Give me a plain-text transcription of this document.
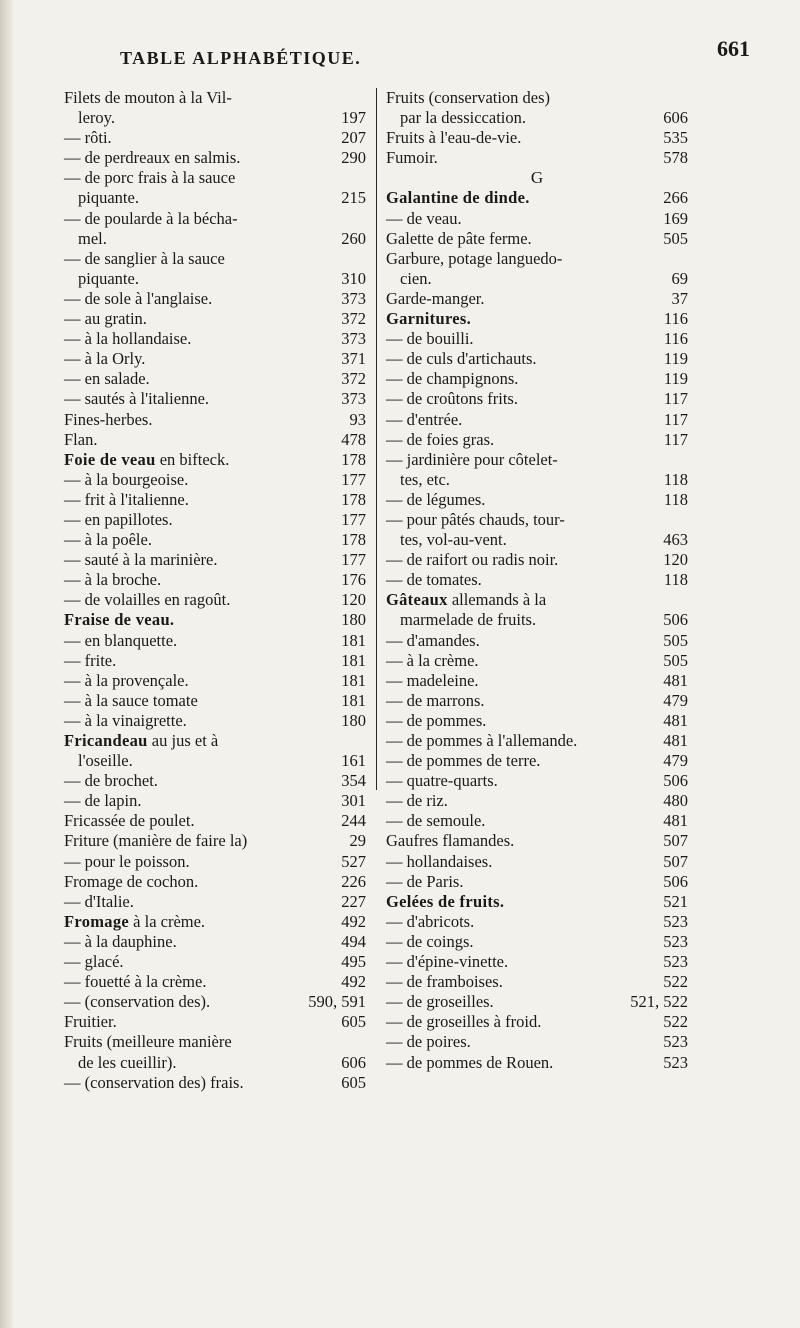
TABLE ALPHABÉTIQUE.	661
Filets de mouton à la Vil-
leroy.	197
— rôti.	207
— de perdreaux en salmis.	290
— de porc frais à la sauce
piquante.	215
— de poularde à la bécha-
mel.	260
— de sanglier à la sauce
piquante.	310
— de sole à l'anglaise.	373
— au gratin.	372
— à la hollandaise.	373
— à la Orly.	371
— en salade.	372
— sautés à l'italienne.	373
Fines-herbes.	93
Flan.	478
Foie de veau en bifteck.	178
— à la bourgeoise.	177
— frit à l'italienne.	178
— en papillotes.	177
— à la poêle.	178
— sauté à la marinière.	177
— à la broche.	176
— de volailles en ragoût.	120
Fraise de veau.	180
— en blanquette.	181
— frite.	181
— à la provençale.	181
— à la sauce tomate	181
— à la vinaigrette.	180
Fricandeau au jus et à
l'oseille.	161
— de brochet.	354
— de lapin.	301
Fricassée de poulet.	244
Friture (manière de faire la)	29
— pour le poisson.	527
Fromage de cochon.	226
— d'Italie.	227
Fromage à la crème.	492
— à la dauphine.	494
— glacé.	495
— fouetté à la crème.	492
— (conservation des).	590, 591
Fruitier.	605
Fruits (meilleure manière
de les cueillir).	606
— (conservation des) frais.	605
Fruits (conservation des)
par la dessiccation.	606
Fruits à l'eau-de-vie.	535
Fumoir.	578
G
Galantine de dinde.	266
— de veau.	169
Galette de pâte ferme.	505
Garbure, potage languedo-
cien.	69
Garde-manger.	37
Garnitures.	116
— de bouilli.	116
— de culs d'artichauts.	119
— de champignons.	119
— de croûtons frits.	117
— d'entrée.	117
— de foies gras.	117
— jardinière pour côtelet-
tes, etc.	118
— de légumes.	118
— pour pâtés chauds, tour-
tes, vol-au-vent.	463
— de raifort ou radis noir.	120
— de tomates.	118
Gâteaux allemands à la
marmelade de fruits.	506
— d'amandes.	505
— à la crème.	505
— madeleine.	481
— de marrons.	479
— de pommes.	481
— de pommes à l'allemande.	481
— de pommes de terre.	479
— quatre-quarts.	506
— de riz.	480
— de semoule.	481
Gaufres flamandes.	507
— hollandaises.	507
— de Paris.	506
Gelées de fruits.	521
— d'abricots.	523
— de coings.	523
— d'épine-vinette.	523
— de framboises.	522
— de groseilles.	521, 522
— de groseilles à froid.	522
— de poires.	523
— de pommes de Rouen.	523
